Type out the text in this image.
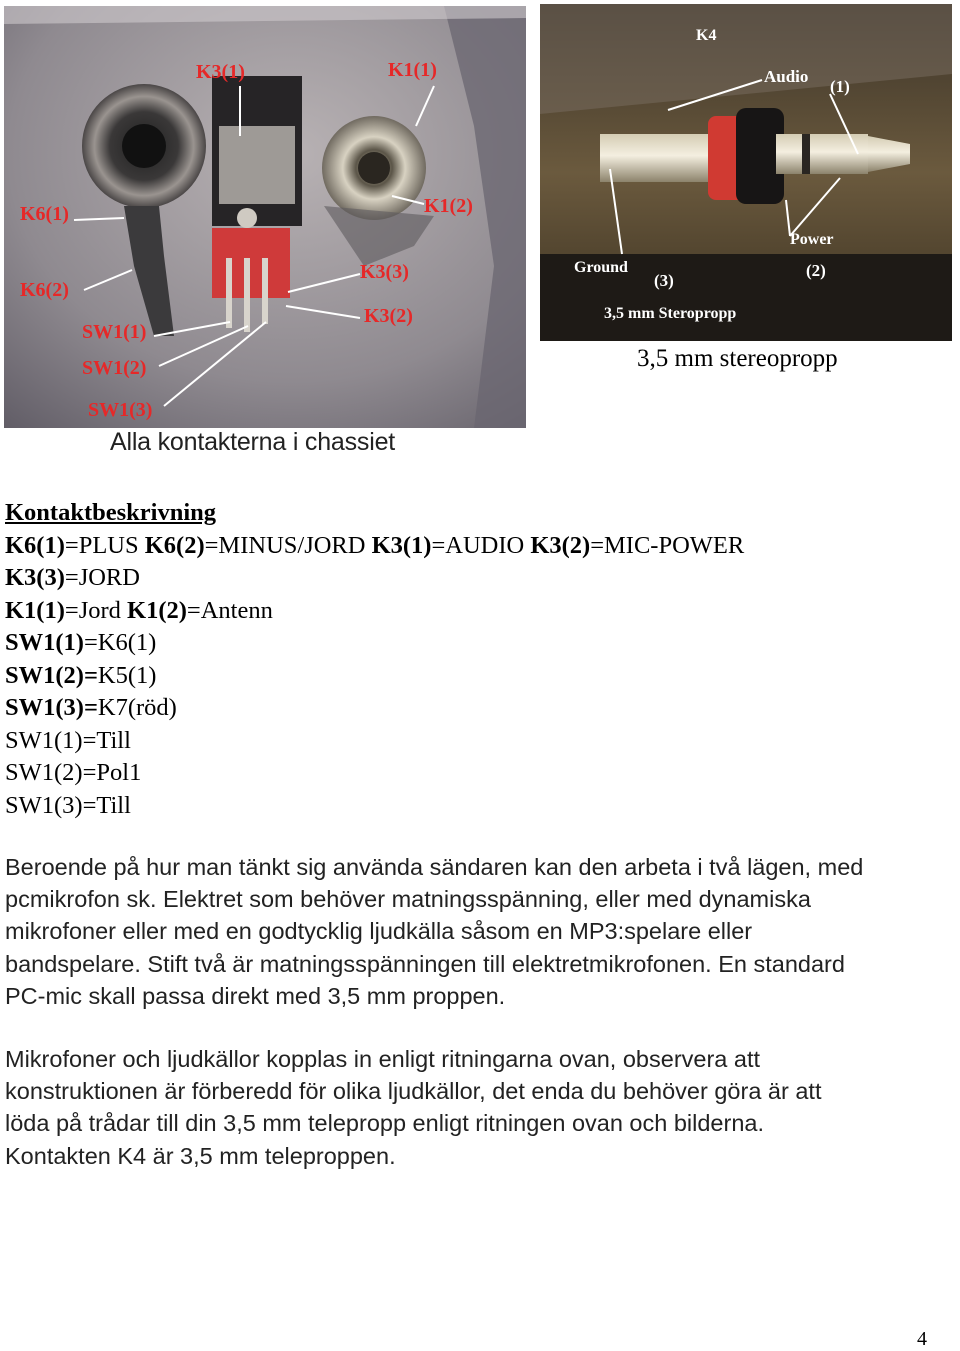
K3(1)	K1(1)
K6(1)
K6(2)
K1(2)
K3(3)
K3(2)
SW1(1)
SW1(2)
SW1(3)
Alla kontakterna i chassiet
K4
Audio
(1)
Ground
(3)
Power
(2)
3,5 mm Steropropp
3,5 mm stereopropp
Kontaktbeskrivning
K6(1)=PLUS K6(2)=MINUS/JORD K3(1)=AUDIO K3(2)=MIC-POWER
K3(3)=JORD
K1(1)=Jord K1(2)=Antenn
SW1(1)=K6(1)
SW1(2)=K5(1)
SW1(3)=K7(röd)
SW1(1)=Till
SW1(2)=Pol1
SW1(3)=Till

Beroende på hur man tänkt sig använda sändaren kan den arbeta i två lägen, med

pcmikrofon sk. Elektret som behöver matningsspänning, eller med dynamiska

mikrofoner eller med en godtycklig ljudkälla såsom en MP3:spelare eller

bandspelare. Stift två är matningsspänningen till elektretmikrofonen. En standard

PC-mic skall passa direkt med 3,5 mm proppen.

Mikrofoner och ljudkällor kopplas in enligt ritningarna ovan, observera att

konstruktionen är förberedd för olika ljudkällor, det enda du behöver göra är att

löda på trådar till din 3,5 mm telepropp enligt ritningen ovan och bilderna.

Kontakten K4 är 3,5 mm teleproppen.

4
